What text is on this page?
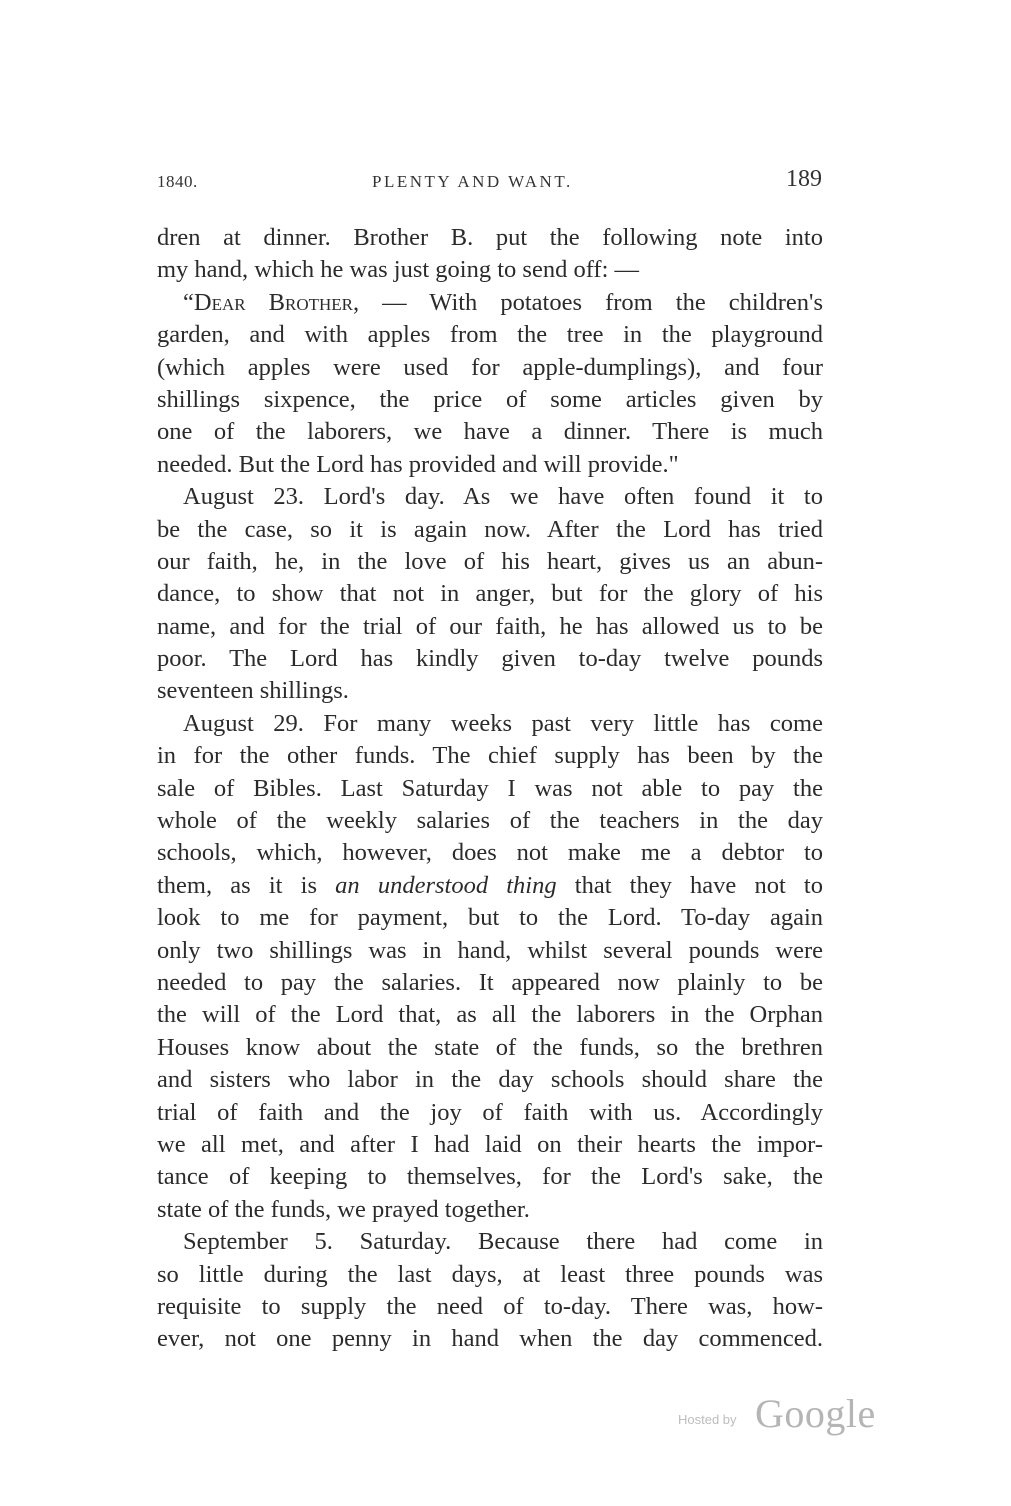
1840.	PLENTY AND WANT.	189
dren at dinner. Brother B. put the following note into
my hand, which he was just going to send off: —
“Dear Brother, — With potatoes from the children's
garden, and with apples from the tree in the playground
(which apples were used for apple-dumplings), and four
shillings sixpence, the price of some articles given by
one of the laborers, we have a dinner. There is much
needed. But the Lord has provided and will provide."
August 23. Lord's day. As we have often found it to
be the case, so it is again now. After the Lord has tried
our faith, he, in the love of his heart, gives us an abun-
dance, to show that not in anger, but for the glory of his
name, and for the trial of our faith, he has allowed us to be
poor. The Lord has kindly given to-day twelve pounds
seventeen shillings.
August 29. For many weeks past very little has come
in for the other funds. The chief supply has been by the
sale of Bibles. Last Saturday I was not able to pay the
whole of the weekly salaries of the teachers in the day
schools, which, however, does not make me a debtor to
them, as it is an understood thing that they have not to
look to me for payment, but to the Lord. To-day again
only two shillings was in hand, whilst several pounds were
needed to pay the salaries. It appeared now plainly to be
the will of the Lord that, as all the laborers in the Orphan
Houses know about the state of the funds, so the brethren
and sisters who labor in the day schools should share the
trial of faith and the joy of faith with us. Accordingly
we all met, and after I had laid on their hearts the impor-
tance of keeping to themselves, for the Lord's sake, the
state of the funds, we prayed together.
September 5. Saturday. Because there had come in
so little during the last days, at least three pounds was
requisite to supply the need of to-day. There was, how-
ever, not one penny in hand when the day commenced.
Hosted by Google
